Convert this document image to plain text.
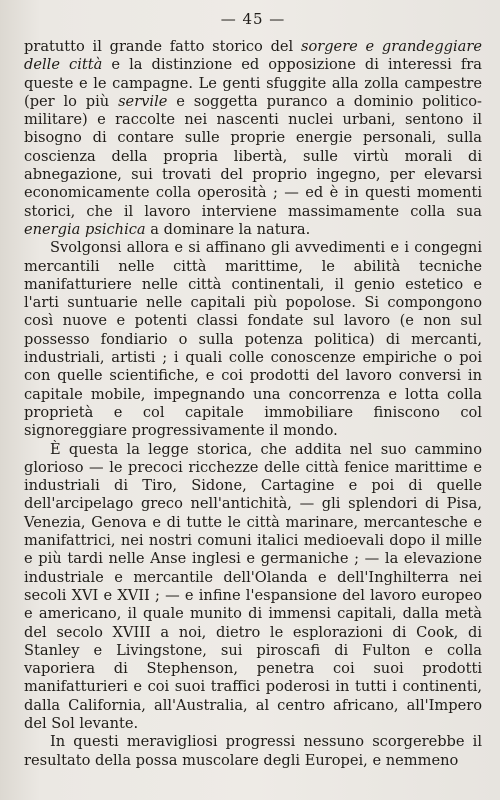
— 45 —

pratutto il grande fatto storico del sorgere e grandeggiare delle città e la distinzione ed opposizione di interessi fra queste e le campagne. Le genti sfuggite alla zolla campestre (per lo più servile e soggetta puranco a dominio politico-militare) e raccolte nei nascenti nuclei urbani, sentono il bisogno di contare sulle proprie energie personali, sulla coscienza della propria libertà, sulle virtù morali di abnegazione, sui trovati del proprio ingegno, per elevarsi economicamente colla operosità ; — ed è in questi momenti storici, che il lavoro interviene massimamente colla sua energia psichica a dominare la natura.

Svolgonsi allora e si affinano gli avvedimenti e i congegni mercantili nelle città marittime, le abilità tecniche manifatturiere nelle città continentali, il genio estetico e l'arti suntuarie nelle capitali più popolose. Si compongono così nuove e potenti classi fondate sul lavoro (e non sul possesso fondiario o sulla potenza politica) di mercanti, industriali, artisti ; i quali colle conoscenze empiriche o poi con quelle scientifiche, e coi prodotti del lavoro conversi in capitale mobile, impegnando una concorrenza e lotta colla proprietà e col capitale immobiliare finiscono col signoreggiare progressivamente il mondo.

È questa la legge storica, che addita nel suo cammino glorioso — le precoci ricchezze delle città fenice marittime e industriali di Tiro, Sidone, Cartagine e poi di quelle dell'arcipelago greco nell'antichità, — gli splendori di Pisa, Venezia, Genova e di tutte le città marinare, mercantesche e manifattrici, nei nostri comuni italici medioevali dopo il mille e più tardi nelle Anse inglesi e germaniche ; — la elevazione industriale e mercantile dell'Olanda e dell'Inghilterra nei secoli XVI e XVII ; — e infine l'espansione del lavoro europeo e americano, il quale munito di immensi capitali, dalla metà del secolo XVIII a noi, dietro le esplorazioni di Cook, di Stanley e Livingstone, sui piroscafi di Fulton e colla vaporiera di Stephenson, penetra coi suoi prodotti manifatturieri e coi suoi traffici poderosi in tutti i continenti, dalla California, all'Australia, al centro africano, all'Impero del Sol levante.

In questi meravigliosi progressi nessuno scorgerebbe il resultato della possa muscolare degli Europei, e nemmeno
